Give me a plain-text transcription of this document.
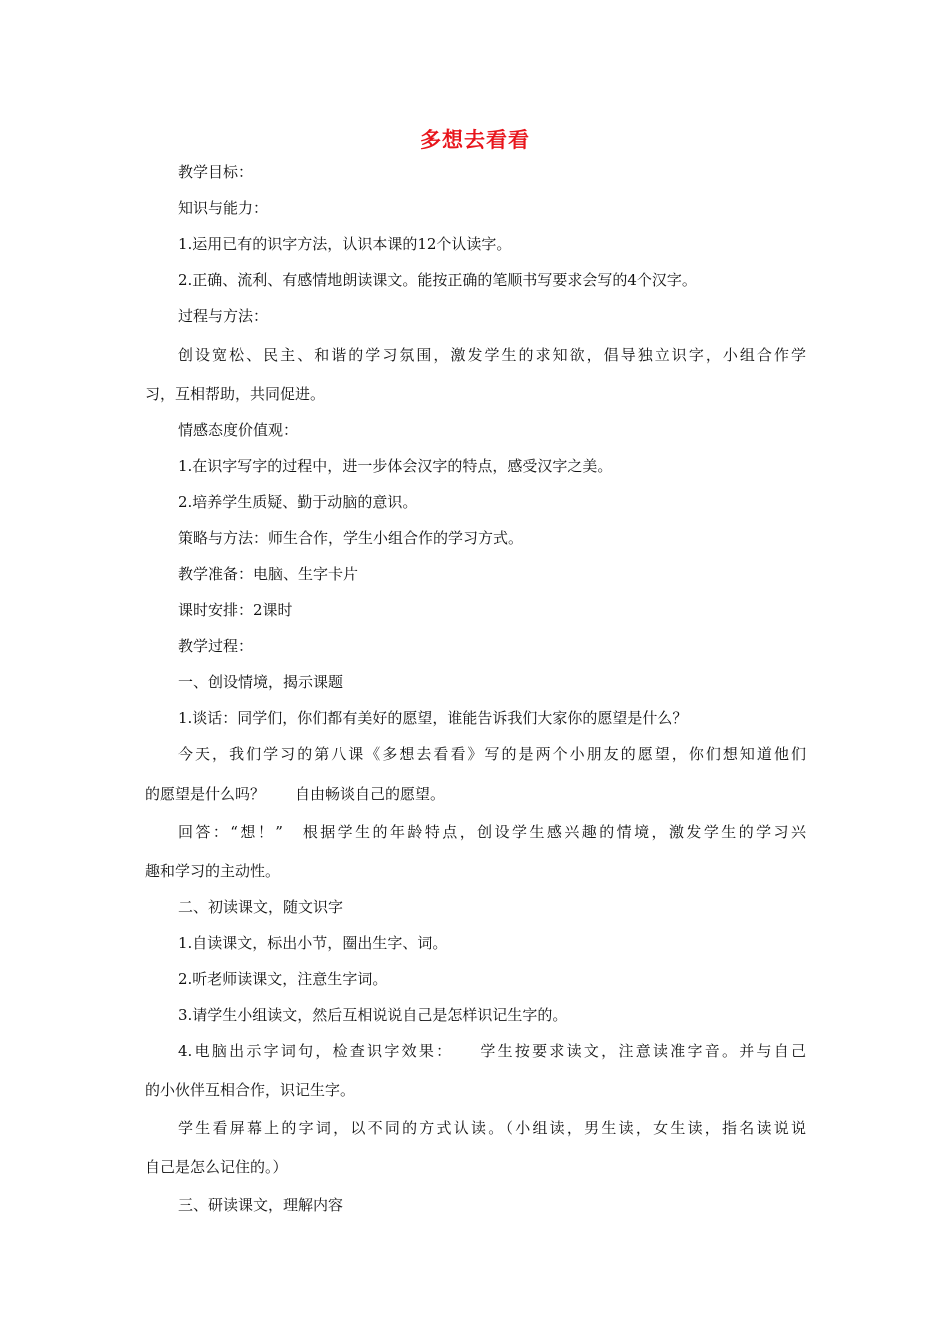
多想去看看
教学目标：
知识与能力：
1.运用已有的识字方法，认识本课的12个认读字。
2.正确、流利、有感情地朗读课文。能按正确的笔顺书写要求会写的4个汉字。
过程与方法：
创设宽松、民主、和谐的学习氛围，激发学生的求知欲，倡导独立识字，小组合作学
习，互相帮助，共同促进。
情感态度价值观：
1.在识字写字的过程中，进一步体会汉字的特点，感受汉字之美。
2.培养学生质疑、勤于动脑的意识。
策略与方法：师生合作，学生小组合作的学习方式。
教学准备：电脑、生字卡片
课时安排：2课时
教学过程：
一、创设情境，揭示课题
1.谈话：同学们，你们都有美好的愿望，谁能告诉我们大家你的愿望是什么？
今天，我们学习的第八课《多想去看看》写的是两个小朋友的愿望，你们想知道他们
的愿望是什么吗？　　自由畅谈自己的愿望。
回答：“想！”　根据学生的年龄特点，创设学生感兴趣的情境，激发学生的学习兴
趣和学习的主动性。
二、初读课文，随文识字
1.自读课文，标出小节，圈出生字、词。
2.听老师读课文，注意生字词。
3.请学生小组读文，然后互相说说自己是怎样识记生字的。
4.电脑出示字词句，检查识字效果：　　学生按要求读文，注意读准字音。并与自己
的小伙伴互相合作，识记生字。
学生看屏幕上的字词，以不同的方式认读。（小组读，男生读，女生读，指名读说说
自己是怎么记住的。）
三、研读课文，理解内容
